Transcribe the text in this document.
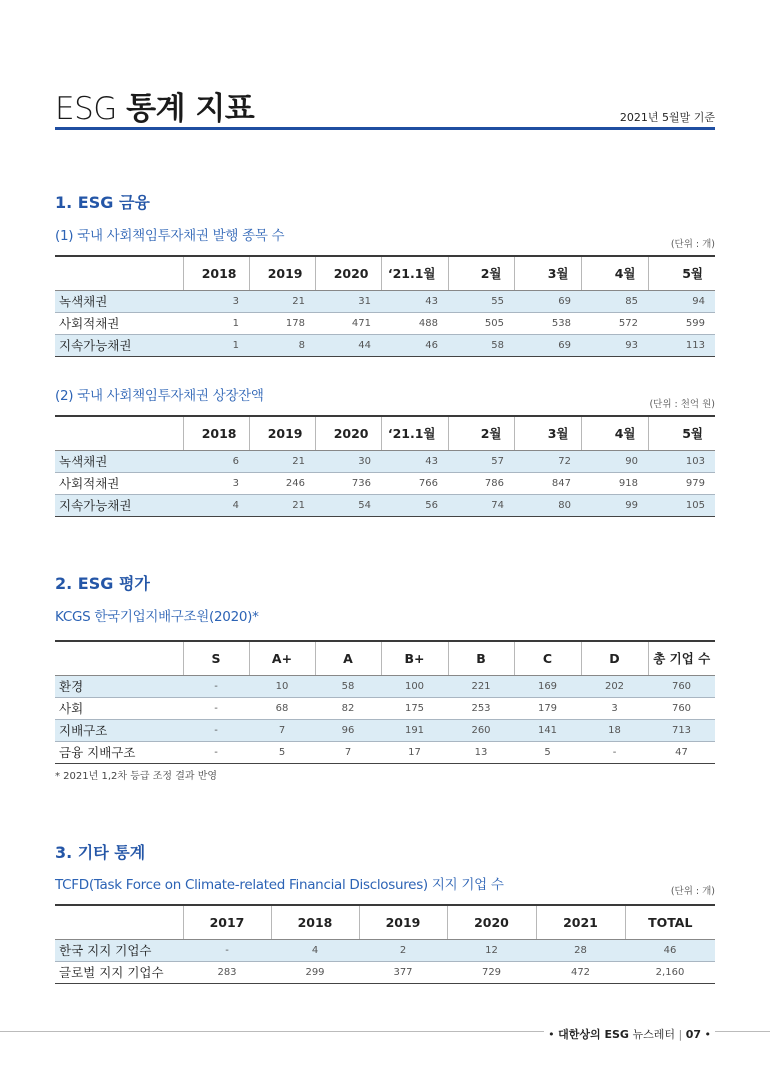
ESG 통계 지표	2021년 5월말 기준
1. ESG 금융
(1) 국내 사회책임투자채권 발행 종목 수
(단위 : 개)
	2018	2019	2020	‘21.1월	2월	3월	4월	5월
녹색채권	3	21	31	43	55	69	85	94
사회적채권	1	178	471	488	505	538	572	599
지속가능채권	1	8	44	46	58	69	93	113
(2) 국내 사회책임투자채권 상장잔액
(단위 : 천억 원)
	2018	2019	2020	‘21.1월	2월	3월	4월	5월
녹색채권	6	21	30	43	57	72	90	103
사회적채권	3	246	736	766	786	847	918	979
지속가능채권	4	21	54	56	74	80	99	105
2. ESG 평가
KCGS 한국기업지배구조원(2020)*
	S	A+	A	B+	B	C	D	총 기업 수
환경	-	10	58	100	221	169	202	760
사회	-	68	82	175	253	179	3	760
지배구조	-	7	96	191	260	141	18	713
금융 지배구조	-	5	7	17	13	5	-	47
* 2021년 1,2차 등급 조정 결과 반영
3. 기타 통계
TCFD(Task Force on Climate-related Financial Disclosures) 지지 기업 수	(단위 : 개)
	2017	2018	2019	2020	2021	TOTAL
한국 지지 기업수	-	4	2	12	28	46
글로벌 지지 기업수	283	299	377	729	472	2,160
• 대한상의 ESG 뉴스레터 | 07 •
